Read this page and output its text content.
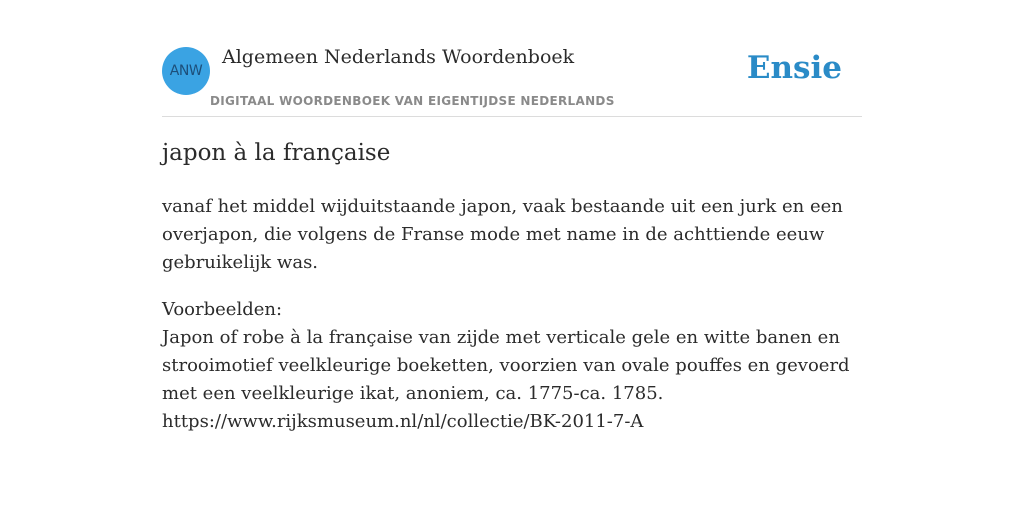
ANW
Algemeen Nederlands Woordenboek
DIGITAAL WOORDENBOEK VAN EIGENTIJDSE NEDERLANDS
Ensie
japon à la française
vanaf het middel wijduitstaande japon, vaak bestaande uit een jurk en een overjapon, die volgens de Franse mode met name in de achttiende eeuw gebruikelijk was.
Voorbeelden:
Japon of robe à la française van zijde met verticale gele en witte banen en strooimotief veelkleurige boeketten, voorzien van ovale pouffes en gevoerd met een veelkleurige ikat, anoniem, ca. 1775-ca. 1785.
https://www.rijksmuseum.nl/nl/collectie/BK-2011-7-A
